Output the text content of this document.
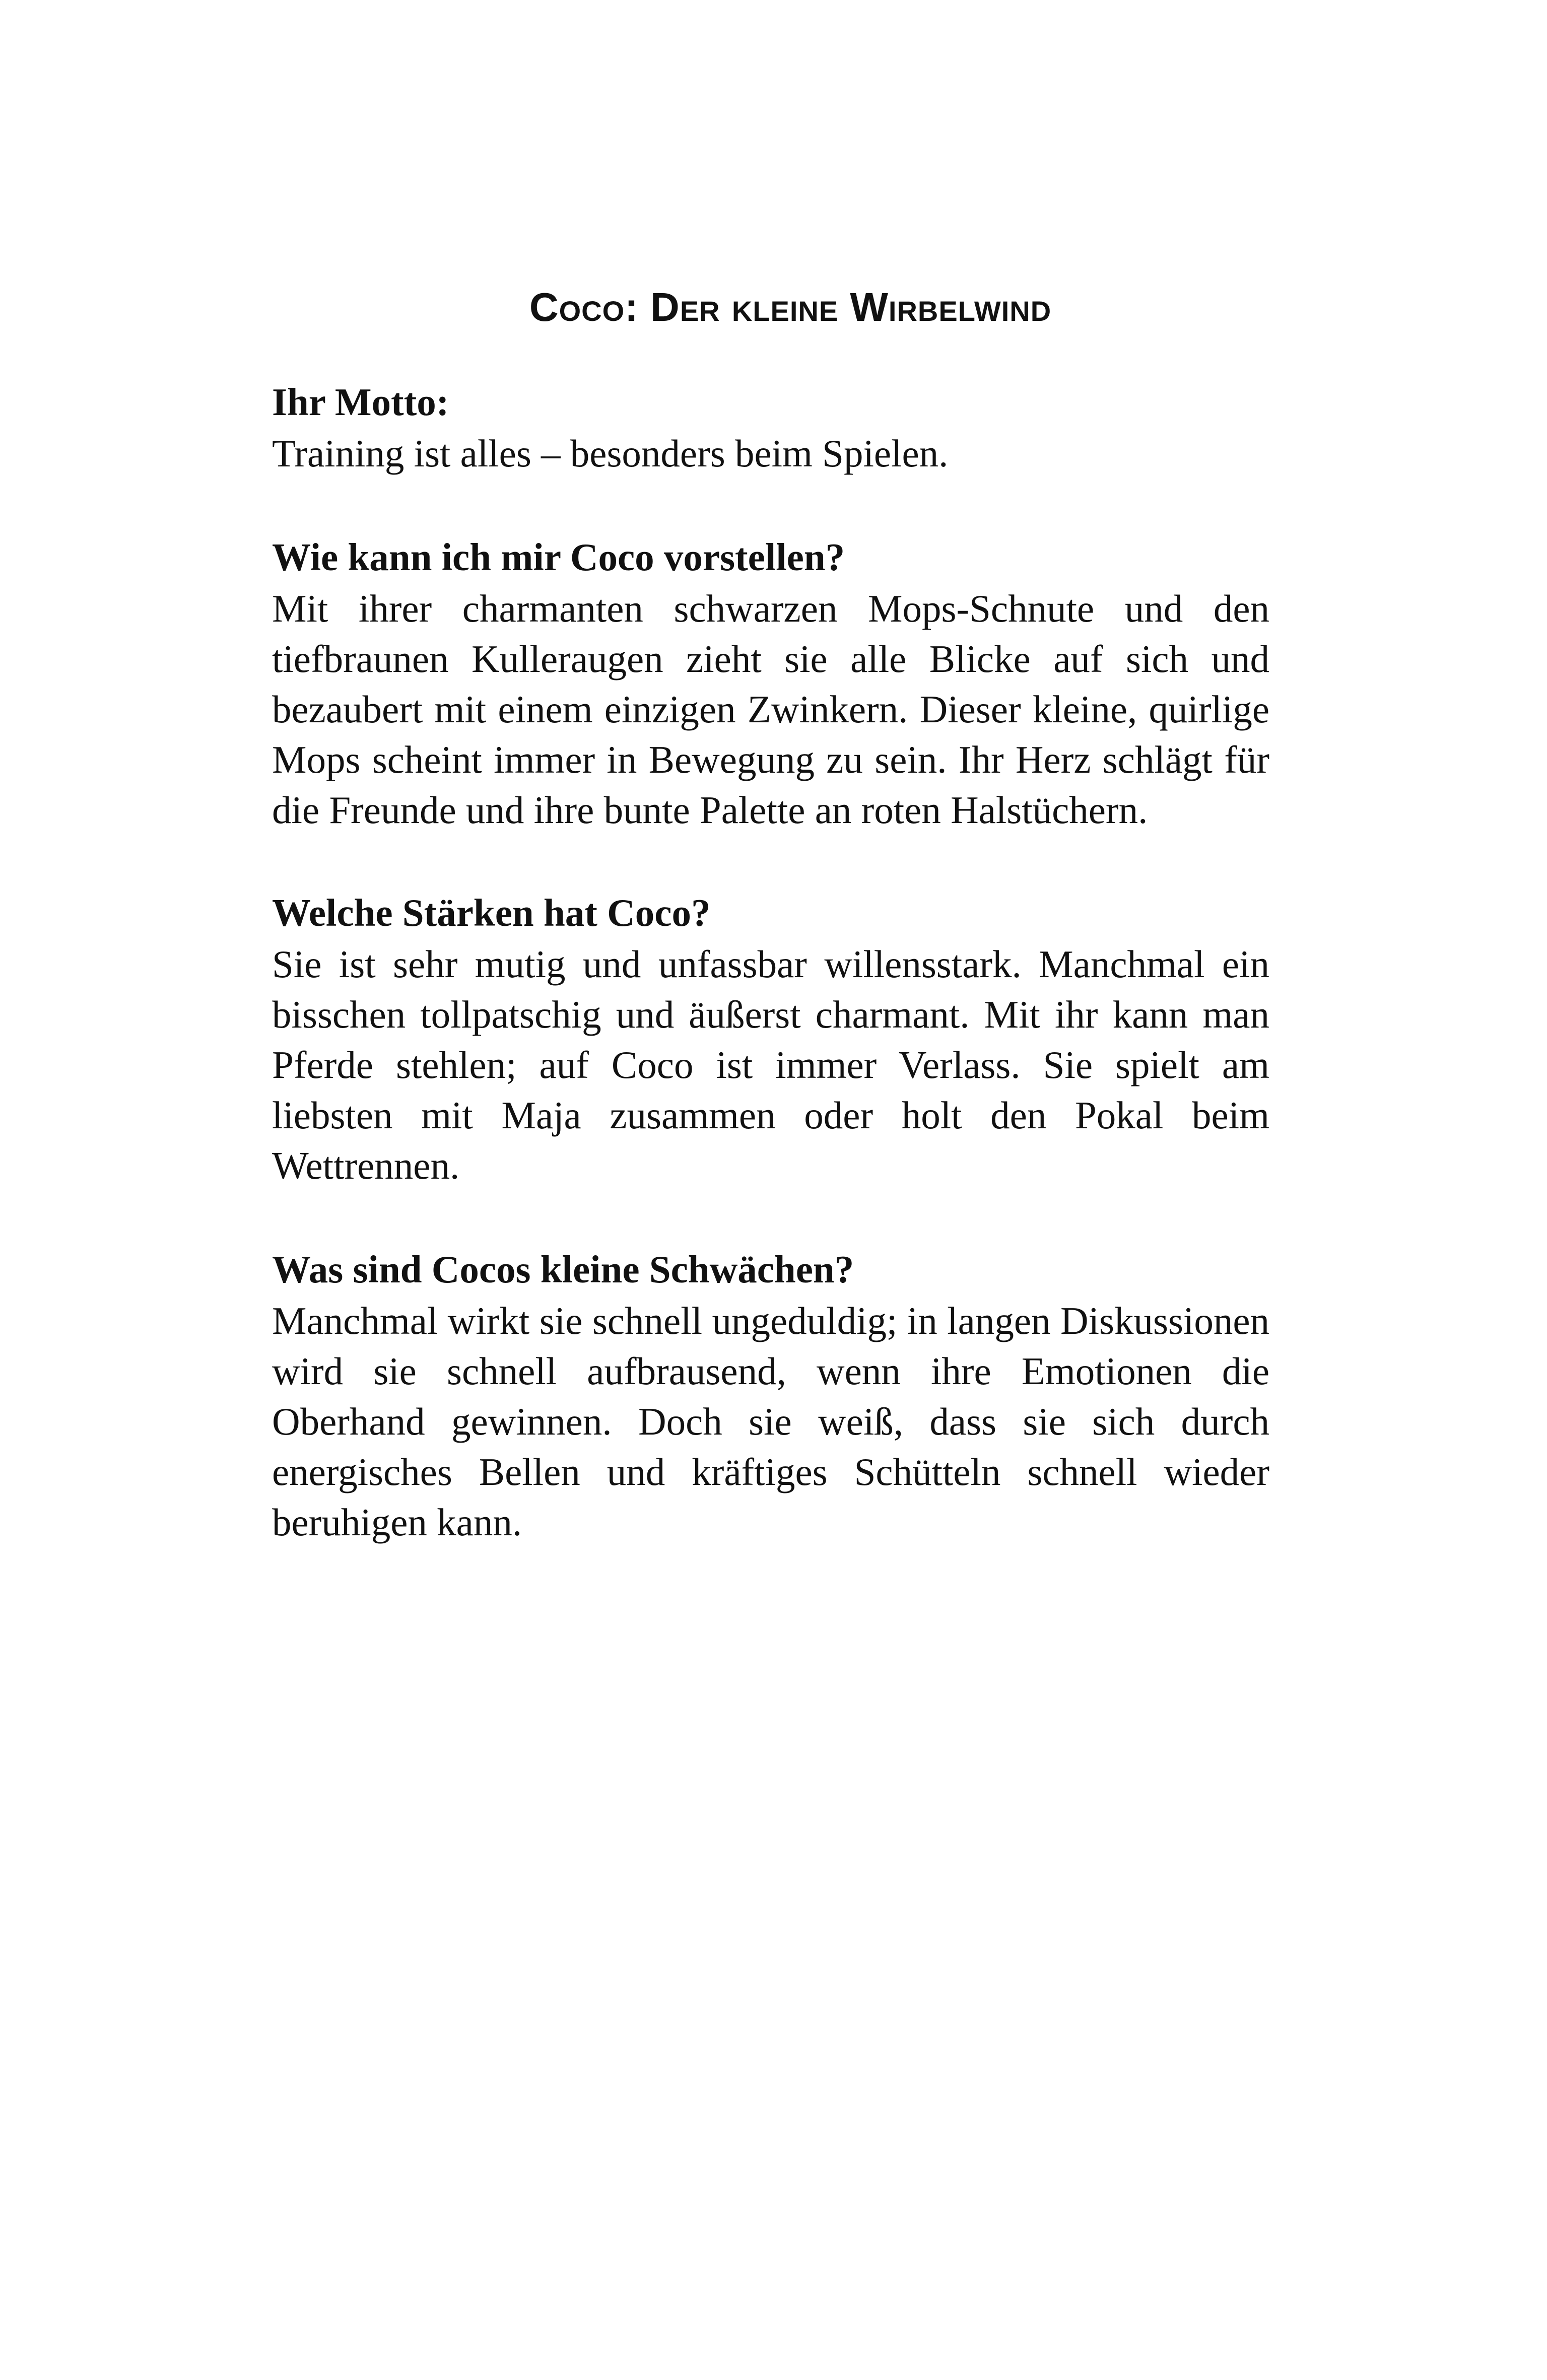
Coco: Der kleine Wirbelwind

Ihr Motto:

Training ist alles – besonders beim Spielen.

Wie kann ich mir Coco vorstellen?

Mit ihrer charmanten schwarzen Mops-Schnute und den tiefbraunen Kulleraugen zieht sie alle Blicke auf sich und bezaubert mit einem einzigen Zwinkern. Dieser kleine, quirlige Mops scheint immer in Bewegung zu sein. Ihr Herz schlägt für die Freunde und ihre bunte Palette an roten Halstüchern.

Welche Stärken hat Coco?

Sie ist sehr mutig und unfassbar willensstark. Manchmal ein bisschen tollpatschig und äußerst charmant. Mit ihr kann man Pferde stehlen; auf Coco ist immer Verlass. Sie spielt am liebsten mit Maja zusammen oder holt den Pokal beim Wettrennen.

Was sind Cocos kleine Schwächen?

Manchmal wirkt sie schnell ungeduldig; in langen Diskussionen wird sie schnell aufbrausend, wenn ihre Emotionen die Oberhand gewinnen. Doch sie weiß, dass sie sich durch energisches Bellen und kräftiges Schütteln schnell wieder beruhigen kann.
